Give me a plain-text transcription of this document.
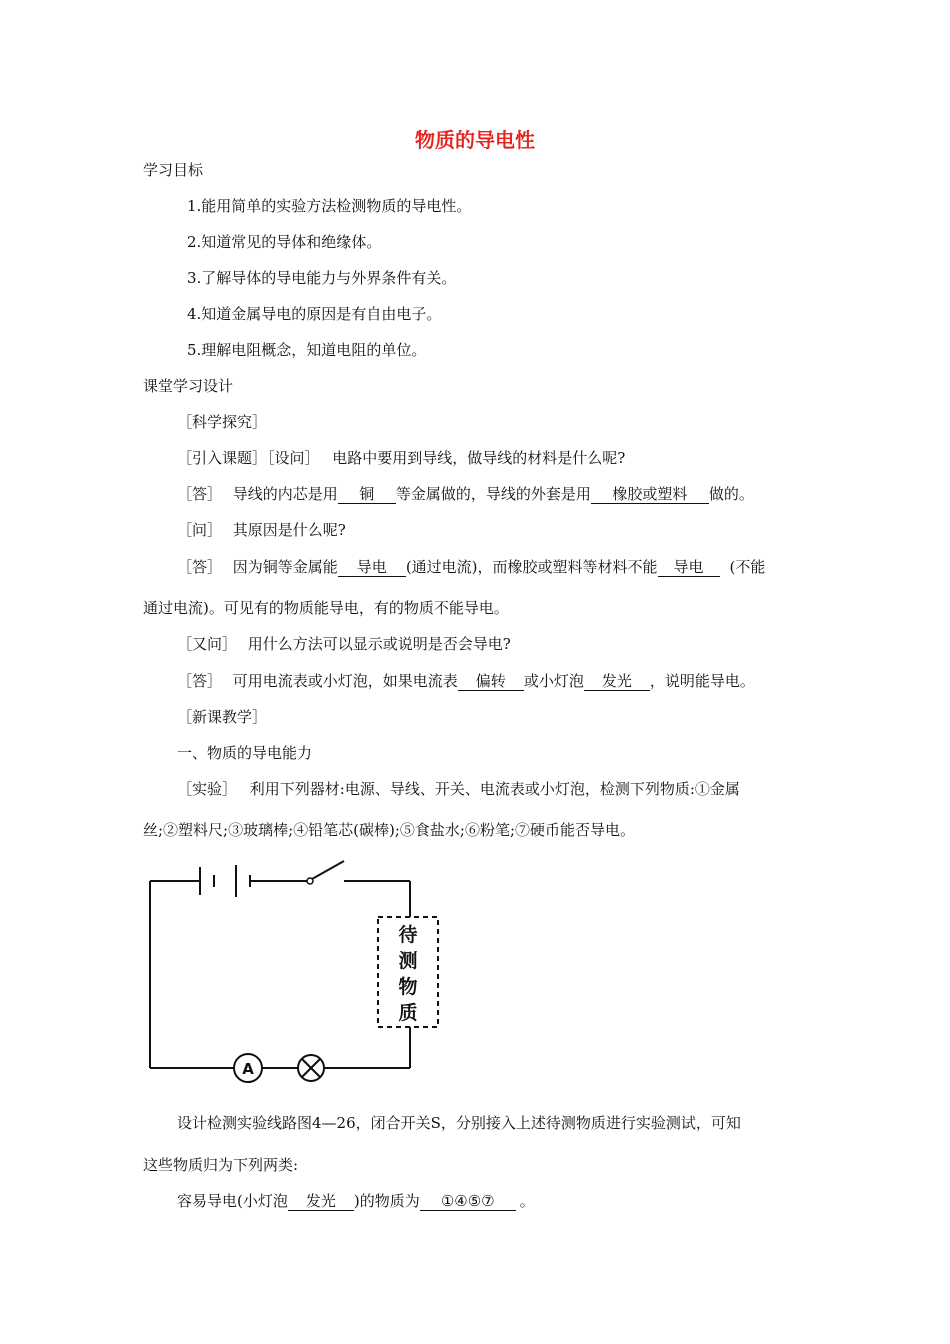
物质的导电性
学习目标
1.能用简单的实验方法检测物质的导电性。
2.知道常见的导体和绝缘体。
3.了解导体的导电能力与外界条件有关。
4.知道金属导电的原因是有自由电子。
5.理解电阻概念，知道电阻的单位。
课堂学习设计
［科学探究］
［引入课题］［设问］ 电路中要用到导线，做导线的材料是什么呢?
［答］ 导线的内芯是用 铜 等金属做的，导线的外套是用 橡胶或塑料 做的。
［问］ 其原因是什么呢?
［答］ 因为铜等金属能 导电 (通过电流)，而橡胶或塑料等材料不能 导电 (不能
通过电流)。可见有的物质能导电，有的物质不能导电。
［又问］ 用什么方法可以显示或说明是否会导电?
［答］ 可用电流表或小灯泡，如果电流表 偏转 或小灯泡 发光 ，说明能导电。
［新课教学］
一、物质的导电能力
［实验］ 利用下列器材:电源、导线、开关、电流表或小灯泡，检测下列物质:①金属
丝;②塑料尺;③玻璃棒;④铅笔芯(碳棒);⑤食盐水;⑥粉笔;⑦硬币能否导电。
A
待
测
物
质
设计检测实验线路图4—26，闭合开关S，分别接入上述待测物质进行实验测试，可知
这些物质归为下列两类:
容易导电(小灯泡 发光 )的物质为 ①④⑤⑦ 。
